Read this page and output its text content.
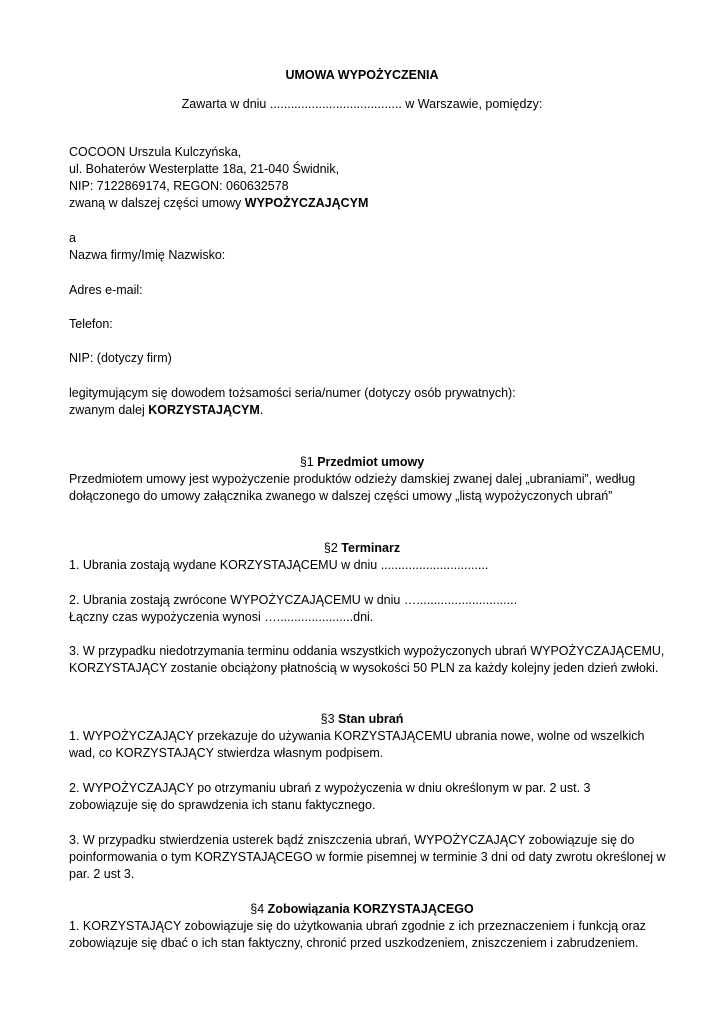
UMOWA WYPOŻYCZENIA
Zawarta w dniu ...................................... w Warszawie, pomiędzy:
COCOON Urszula Kulczyńska,
ul. Bohaterów Westerplatte 18a, 21-040 Świdnik,
NIP: 7122869174, REGON: 060632578
zwaną w dalszej części umowy WYPOŻYCZAJĄCYM
a
Nazwa firmy/Imię Nazwisko:
Adres e-mail:
Telefon:
NIP: (dotyczy firm)
legitymującym się dowodem tożsamości seria/numer (dotyczy osób prywatnych):
zwanym dalej KORZYSTAJĄCYM.
§1 Przedmiot umowy
Przedmiotem umowy jest wypożyczenie produktów odzieży damskiej zwanej dalej „ubraniami”, według
dołączonego do umowy załącznika zwanego w dalszej części umowy „listą wypożyczonych ubrań”
§2 Terminarz
1. Ubrania zostają wydane KORZYSTAJĄCEMU w dniu ...............................
2. Ubrania zostają zwrócone WYPOŻYCZAJĄCEMU w dniu ….............................
Łączny czas wypożyczenia wynosi …......................dni.
3. W przypadku niedotrzymania terminu oddania wszystkich wypożyczonych ubrań WYPOŻYCZAJĄCEMU,
KORZYSTAJĄCY zostanie obciążony płatnością w wysokości 50 PLN za każdy kolejny jeden dzień zwłoki.
§3 Stan ubrań
1. WYPOŻYCZAJĄCY przekazuje do używania KORZYSTAJĄCEMU ubrania nowe, wolne od wszelkich
wad, co KORZYSTAJĄCY stwierdza własnym podpisem.
2. WYPOŻYCZAJĄCY po otrzymaniu ubrań z wypożyczenia w dniu określonym w par. 2 ust. 3
zobowiązuje się do sprawdzenia ich stanu faktycznego.
3. W przypadku stwierdzenia usterek bądź zniszczenia ubrań, WYPOŻYCZAJĄCY zobowiązuje się do
poinformowania o tym KORZYSTAJĄCEGO w formie pisemnej w terminie 3 dni od daty zwrotu określonej w
par. 2 ust 3.
§4 Zobowiązania KORZYSTAJĄCEGO
1. KORZYSTAJĄCY zobowiązuje się do użytkowania ubrań zgodnie z ich przeznaczeniem i funkcją oraz
zobowiązuje się dbać o ich stan faktyczny, chronić przed uszkodzeniem, zniszczeniem i zabrudzeniem.
